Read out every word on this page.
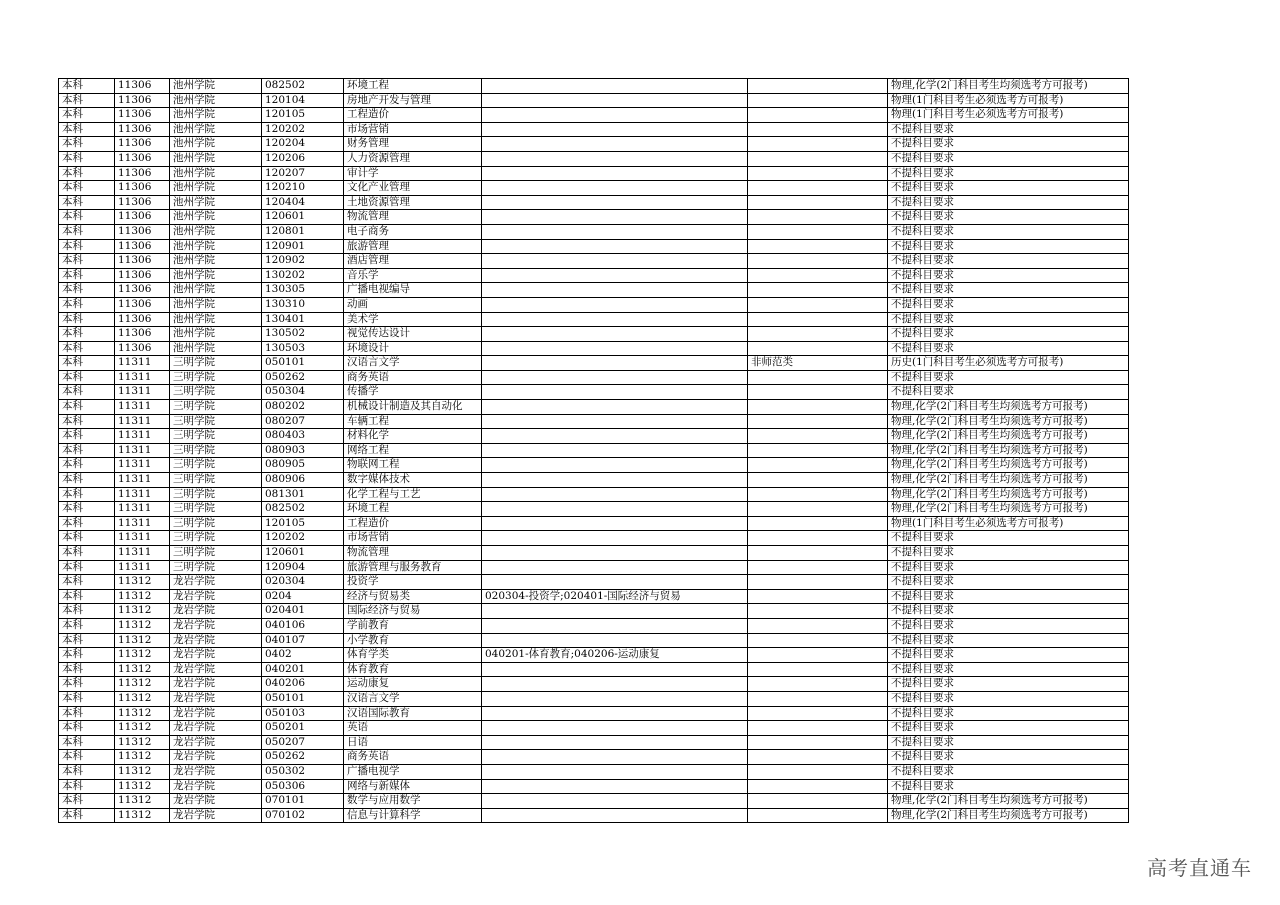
本科	11306	池州学院	082502	环境工程			物理,化学(2门科目考生均须选考方可报考)
本科	11306	池州学院	120104	房地产开发与管理			物理(1门科目考生必须选考方可报考)
本科	11306	池州学院	120105	工程造价			物理(1门科目考生必须选考方可报考)
本科	11306	池州学院	120202	市场营销			不提科目要求
本科	11306	池州学院	120204	财务管理			不提科目要求
本科	11306	池州学院	120206	人力资源管理			不提科目要求
本科	11306	池州学院	120207	审计学			不提科目要求
本科	11306	池州学院	120210	文化产业管理			不提科目要求
本科	11306	池州学院	120404	土地资源管理			不提科目要求
本科	11306	池州学院	120601	物流管理			不提科目要求
本科	11306	池州学院	120801	电子商务			不提科目要求
本科	11306	池州学院	120901	旅游管理			不提科目要求
本科	11306	池州学院	120902	酒店管理			不提科目要求
本科	11306	池州学院	130202	音乐学			不提科目要求
本科	11306	池州学院	130305	广播电视编导			不提科目要求
本科	11306	池州学院	130310	动画			不提科目要求
本科	11306	池州学院	130401	美术学			不提科目要求
本科	11306	池州学院	130502	视觉传达设计			不提科目要求
本科	11306	池州学院	130503	环境设计			不提科目要求
本科	11311	三明学院	050101	汉语言文学		非师范类	历史(1门科目考生必须选考方可报考)
本科	11311	三明学院	050262	商务英语			不提科目要求
本科	11311	三明学院	050304	传播学			不提科目要求
本科	11311	三明学院	080202	机械设计制造及其自动化			物理,化学(2门科目考生均须选考方可报考)
本科	11311	三明学院	080207	车辆工程			物理,化学(2门科目考生均须选考方可报考)
本科	11311	三明学院	080403	材料化学			物理,化学(2门科目考生均须选考方可报考)
本科	11311	三明学院	080903	网络工程			物理,化学(2门科目考生均须选考方可报考)
本科	11311	三明学院	080905	物联网工程			物理,化学(2门科目考生均须选考方可报考)
本科	11311	三明学院	080906	数字媒体技术			物理,化学(2门科目考生均须选考方可报考)
本科	11311	三明学院	081301	化学工程与工艺			物理,化学(2门科目考生均须选考方可报考)
本科	11311	三明学院	082502	环境工程			物理,化学(2门科目考生均须选考方可报考)
本科	11311	三明学院	120105	工程造价			物理(1门科目考生必须选考方可报考)
本科	11311	三明学院	120202	市场营销			不提科目要求
本科	11311	三明学院	120601	物流管理			不提科目要求
本科	11311	三明学院	120904	旅游管理与服务教育			不提科目要求
本科	11312	龙岩学院	020304	投资学			不提科目要求
本科	11312	龙岩学院	0204	经济与贸易类	020304-投资学;020401-国际经济与贸易		不提科目要求
本科	11312	龙岩学院	020401	国际经济与贸易			不提科目要求
本科	11312	龙岩学院	040106	学前教育			不提科目要求
本科	11312	龙岩学院	040107	小学教育			不提科目要求
本科	11312	龙岩学院	0402	体育学类	040201-体育教育;040206-运动康复		不提科目要求
本科	11312	龙岩学院	040201	体育教育			不提科目要求
本科	11312	龙岩学院	040206	运动康复			不提科目要求
本科	11312	龙岩学院	050101	汉语言文学			不提科目要求
本科	11312	龙岩学院	050103	汉语国际教育			不提科目要求
本科	11312	龙岩学院	050201	英语			不提科目要求
本科	11312	龙岩学院	050207	日语			不提科目要求
本科	11312	龙岩学院	050262	商务英语			不提科目要求
本科	11312	龙岩学院	050302	广播电视学			不提科目要求
本科	11312	龙岩学院	050306	网络与新媒体			不提科目要求
本科	11312	龙岩学院	070101	数学与应用数学			物理,化学(2门科目考生均须选考方可报考)
本科	11312	龙岩学院	070102	信息与计算科学			物理,化学(2门科目考生均须选考方可报考)
高考直通车
